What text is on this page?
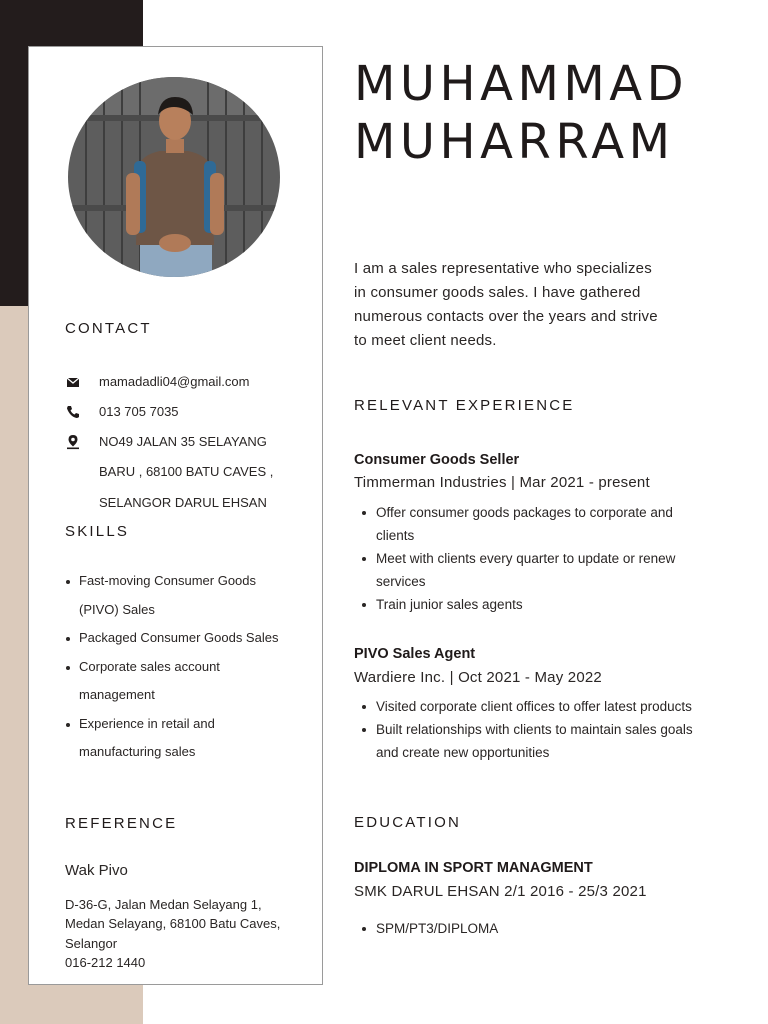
CONTACT
mamadadli04@gmail.com
013 705 7035
NO49 JALAN 35 SELAYANG
BARU , 68100 BATU CAVES ,
SELANGOR DARUL EHSAN
SKILLS
Fast-moving Consumer Goods
(PIVO) Sales
Packaged Consumer Goods Sales
Corporate sales account
management
Experience in retail and
manufacturing sales
REFERENCE
Wak Pivo
D-36-G, Jalan Medan Selayang 1,
Medan Selayang, 68100 Batu Caves,
Selangor
016-212 1440
MUHAMMAD
MUHARRAM
I am a sales representative who specializes
in consumer goods sales. I have gathered
numerous contacts over the years and strive
to meet client needs.
RELEVANT EXPERIENCE
Consumer Goods Seller
Timmerman Industries | Mar 2021 - present
Offer consumer goods packages to corporate and
clients
Meet with clients every quarter to update or renew
services
Train junior sales agents
PIVO Sales Agent
Wardiere Inc. | Oct 2021 - May 2022
Visited corporate client offices to offer latest products
Built relationships with clients to maintain sales goals
and create new opportunities
EDUCATION
DIPLOMA IN SPORT MANAGMENT
SMK DARUL EHSAN 2/1 2016 - 25/3 2021
SPM/PT3/DIPLOMA
